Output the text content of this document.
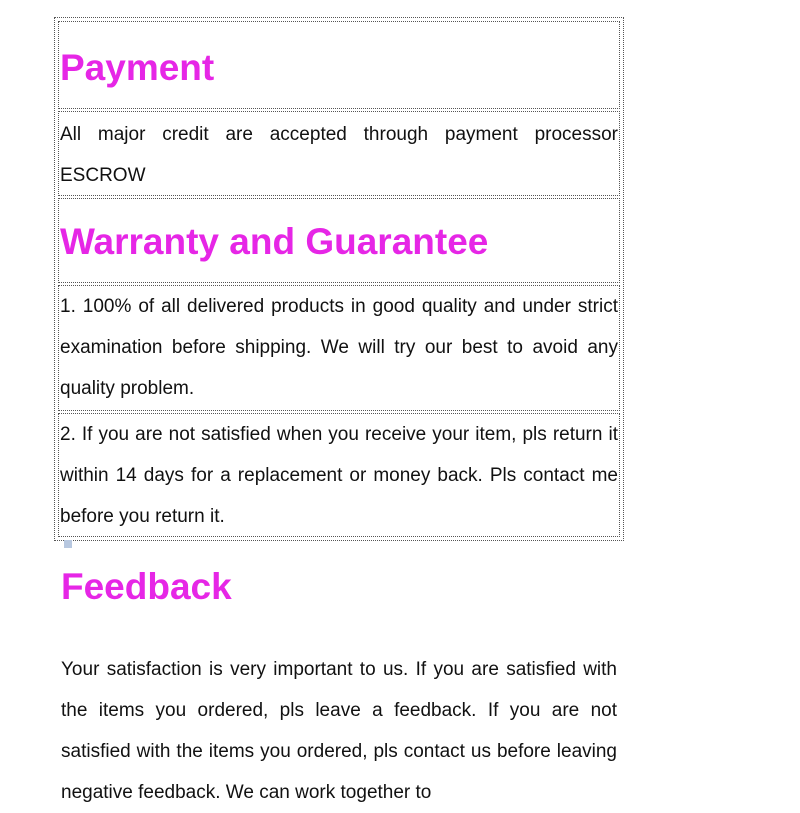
Payment

All major credit are accepted through payment processor ESCROW

Warranty and Guarantee

1. 100% of all delivered products in good quality and under strict examination before shipping. We will try our best to avoid any quality problem.

2. If you are not satisfied when you receive your item, pls return it within 14 days for a replacement or money back. Pls contact me before you return it.

Feedback

Your satisfaction is very important to us. If you are satisfied with the items you ordered, pls leave a feedback. If you are not satisfied with the items you ordered, pls contact us before leaving negative feedback. We can work together to
